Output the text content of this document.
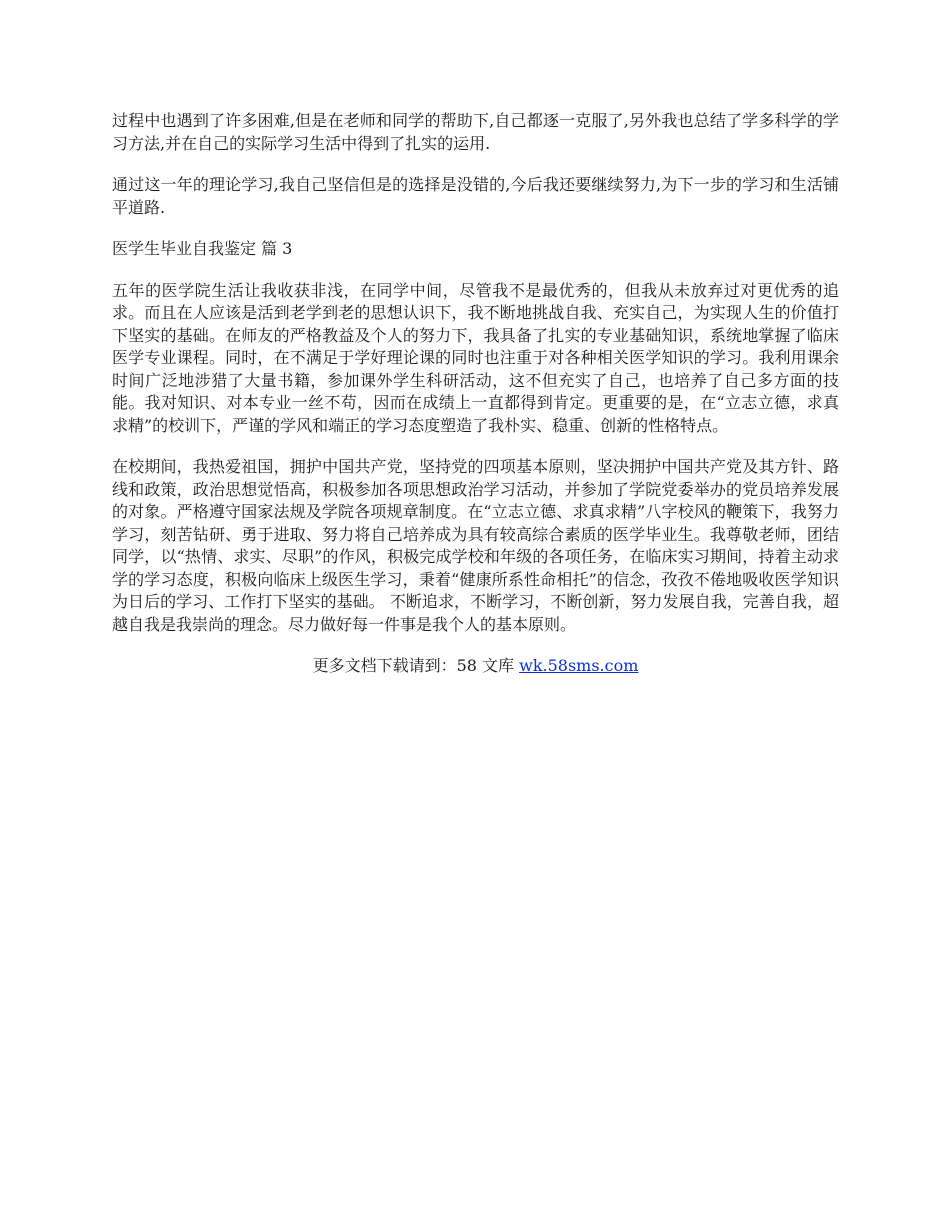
过程中也遇到了许多困难,但是在老师和同学的帮助下,自己都逐一克服了,另外我也总结了学多科学的学习方法,并在自己的实际学习生活中得到了扎实的运用.

通过这一年的理论学习,我自己坚信但是的选择是没错的,今后我还要继续努力,为下一步的学习和生活铺平道路.

医学生毕业自我鉴定 篇 3

五年的医学院生活让我收获非浅，在同学中间，尽管我不是最优秀的，但我从未放弃过对更优秀的追求。而且在人应该是活到老学到老的思想认识下，我不断地挑战自我、充实自己，为实现人生的价值打下坚实的基础。在师友的严格教益及个人的努力下，我具备了扎实的专业基础知识，系统地掌握了临床医学专业课程。同时，在不满足于学好理论课的同时也注重于对各种相关医学知识的学习。我利用课余时间广泛地涉猎了大量书籍，参加课外学生科研活动，这不但充实了自己，也培养了自己多方面的技能。我对知识、对本专业一丝不苟，因而在成绩上一直都得到肯定。更重要的是，在“立志立德，求真求精”的校训下，严谨的学风和端正的学习态度塑造了我朴实、稳重、创新的性格特点。

在校期间，我热爱祖国，拥护中国共产党，坚持党的四项基本原则，坚决拥护中国共产党及其方针、路线和政策，政治思想觉悟高，积极参加各项思想政治学习活动，并参加了学院党委举办的党员培养发展的对象。严格遵守国家法规及学院各项规章制度。在“立志立德、求真求精”八字校风的鞭策下，我努力学习，刻苦钻研、勇于进取、努力将自己培养成为具有较高综合素质的医学毕业生。我尊敬老师，团结同学，以“热情、求实、尽职”的作风，积极完成学校和年级的各项任务，在临床实习期间，持着主动求学的学习态度，积极向临床上级医生学习，秉着“健康所系性命相托”的信念，孜孜不倦地吸收医学知识为日后的学习、工作打下坚实的基础。 不断追求，不断学习，不断创新，努力发展自我，完善自我，超越自我是我崇尚的理念。尽力做好每一件事是我个人的基本原则。

更多文档下载请到：58 文库 wk.58sms.com
